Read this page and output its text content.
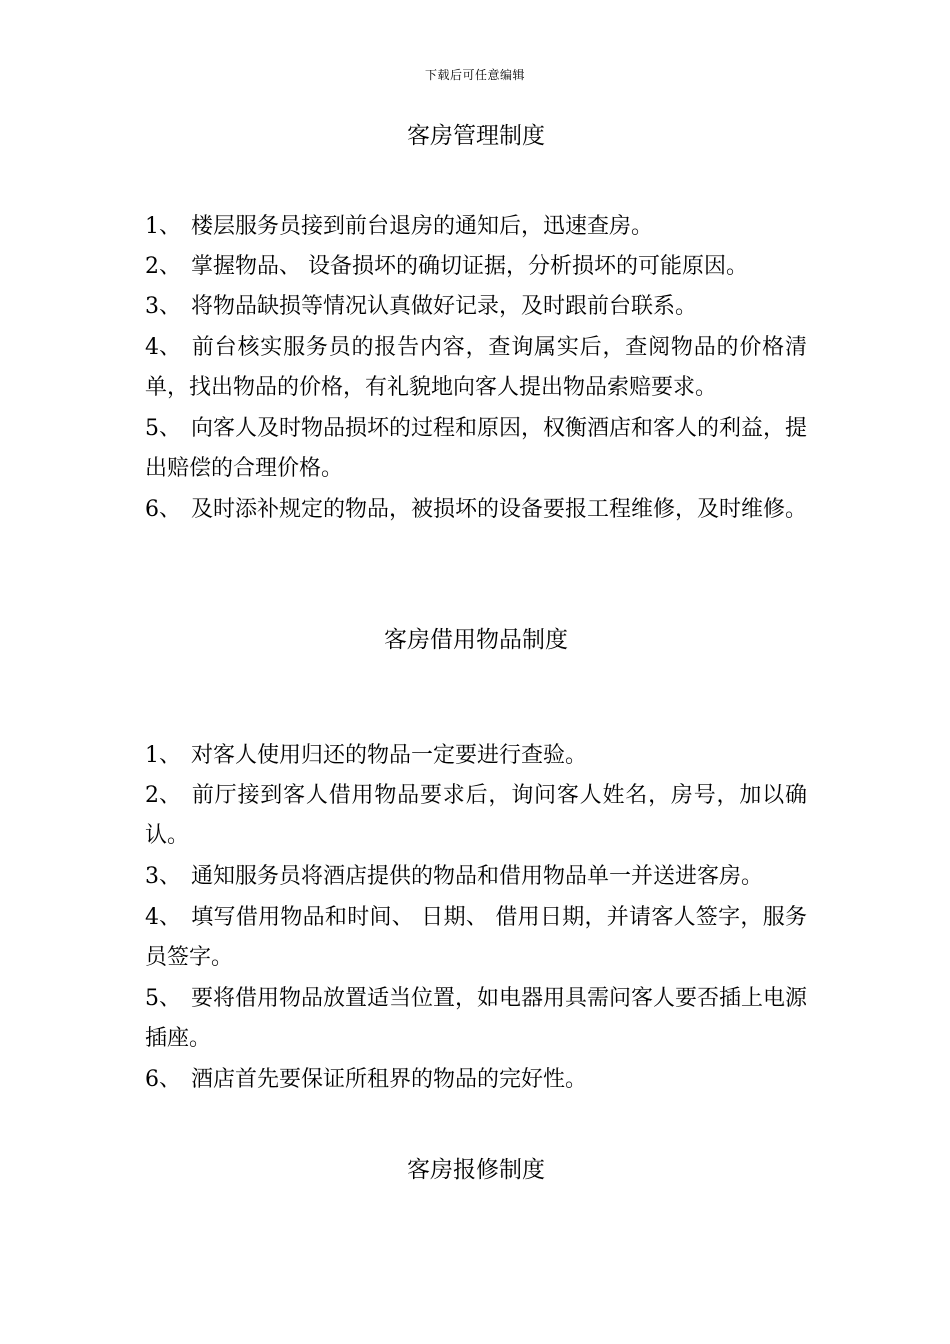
下载后可任意编辑
客房管理制度
1、 楼层服务员接到前台退房的通知后，迅速查房。
2、 掌握物品、 设备损坏的确切证据，分析损坏的可能原因。
3、 将物品缺损等情况认真做好记录，及时跟前台联系。
4、 前台核实服务员的报告内容，查询属实后，查阅物品的价格清单，找出物品的价格，有礼貌地向客人提出物品索赔要求。
5、 向客人及时物品损坏的过程和原因，权衡酒店和客人的利益，提出赔偿的合理价格。
6、 及时添补规定的物品，被损坏的设备要报工程维修，及时维修。
客房借用物品制度
1、 对客人使用归还的物品一定要进行查验。
2、 前厅接到客人借用物品要求后，询问客人姓名，房号，加以确认。
3、 通知服务员将酒店提供的物品和借用物品单一并送进客房。
4、 填写借用物品和时间、 日期、 借用日期，并请客人签字，服务员签字。
5、 要将借用物品放置适当位置，如电器用具需问客人要否插上电源插座。
6、 酒店首先要保证所租界的物品的完好性。
客房报修制度
